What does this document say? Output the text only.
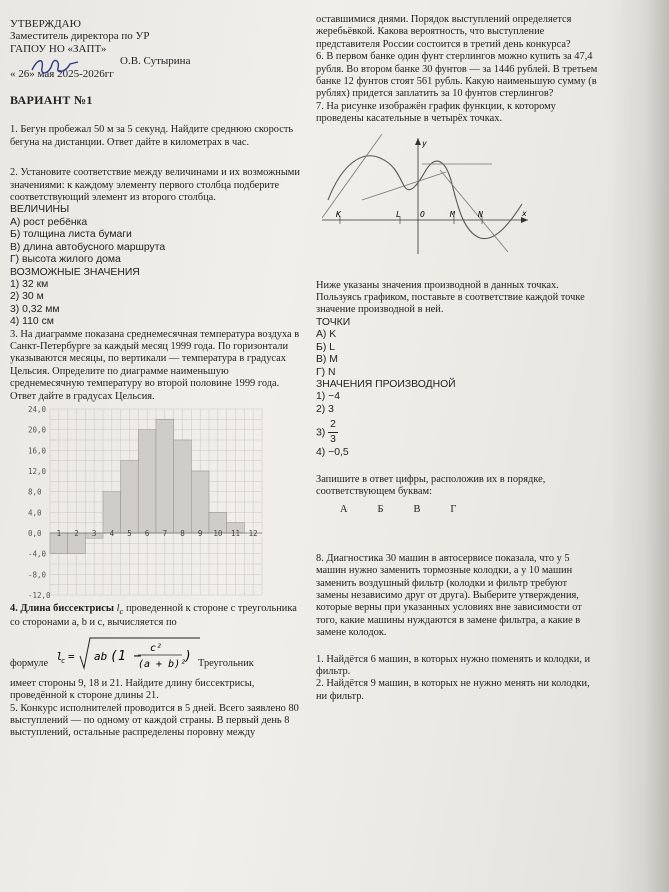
УТВЕРЖДАЮ

Заместитель директора по УР

ГАПОУ НО «ЗАПТ»

О.В. Сутырина

« 26» мая 2025-2026гг

ВАРИАНТ №1

1. Бегун пробежал 50 м за 5 секунд. Найдите среднюю скорость бегуна на дистанции. Ответ дайте в километрах в час.

2. Установите соответствие между величинами и их возможными значениями: к каждому элементу первого столбца подберите соответствующий элемент из второго столбца.

ВЕЛИЧИНЫ

А) рост ребёнка

Б) толщина листа бумаги

В) длина автобусного маршрута

Г) высота жилого дома

ВОЗМОЖНЫЕ ЗНАЧЕНИЯ

1) 32 км

2) 30 м

3) 0,32 мм

4) 110 см

3. На диаграмме показана среднемесячная температура воздуха в Санкт-Петербурге за каждый месяц 1999 года. По горизонтали указываются месяцы, по вертикали — температура в градусах Цельсия. Определите по диаграмме наименьшую среднемесячную температуру во второй половине 1999 года. Ответ дайте в градусах Цельсия.

24,0
20,0
16,0
12,0
8,0
4,0
0,0
-4,0
-8,0
-12,0
1 2 3 4 5 6 7 8 9 10 11 12

4. Длина биссектрисы $l_c$ проведенной к стороне c треугольника со сторонами a, b и c, вычисляется по

формуле
l
c = ab (1 −
c²
(a + b)²
) Треугольник

имеет стороны 9, 18 и 21. Найдите длину биссектрисы, проведённой к стороне длины 21.

5. Конкурс исполнителей проводится в 5 дней. Всего заявлено 80 выступлений — по одному от каждой страны. В первый день 8 выступлений, остальные распределены поровну между

оставшимися днями. Порядок выступлений определяется жеребьёвкой. Какова вероятность, что выступление представителя России состоится в третий день конкурса?

6. В первом банке один фунт стерлингов можно купить за 47,4 рубля. Во втором банке 30 фунтов — за 1446 рублей. В третьем банке 12 фунтов стоят 561 рубль. Какую наименьшую сумму (в рублях) придется заплатить за 10 фунтов стерлингов?

7. На рисунке изображён график функции, к которому проведены касательные в четырёх точках.

y
x
K	L O	M	N

Ниже указаны значения производной в данных точках. Пользуясь графиком, поставьте в соответствие каждой точке значение производной в ней.

ТОЧКИ

А) K

Б) L

В) M

Г) N

ЗНАЧЕНИЯ ПРОИЗВОДНОЙ

1) −4

2) 3

$3) \frac{2}{3}$

4) −0,5

Запишите в ответ цифры, расположив их в порядке, соответствующем буквам:

А	Б	В	Г

8. Диагностика 30 машин в автосервисе показала, что у 5 машин нужно заменить тормозные колодки, а у 10 машин заменить воздушный фильтр (колодки и фильтр требуют замены независимо друг от друга). Выберите утверждения, которые верны при указанных условиях вне зависимости от того, какие машины нуждаются в замене фильтра, а какие в замене колодок.

1. Найдётся 6 машин, в которых нужно поменять и колодки, и фильтр.

2. Найдётся 9 машин, в которых не нужно менять ни колодки, ни фильтр.
